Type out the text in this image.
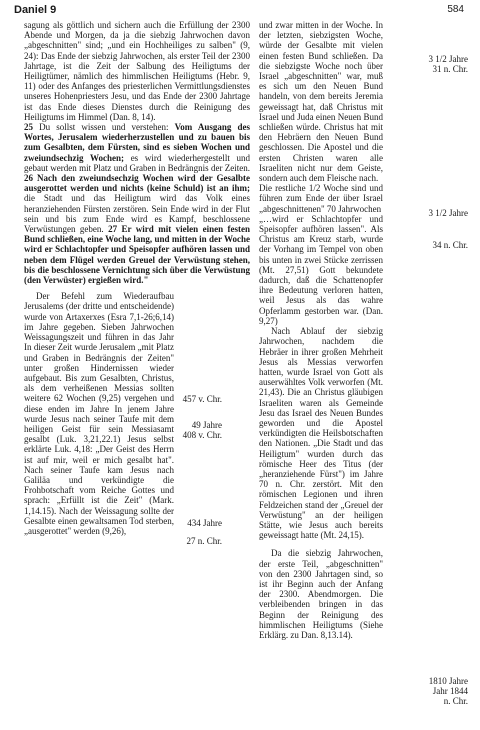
Daniel 9	584

sagung als göttlich und sichern auch die Erfüllung der 2300 Abende und Morgen, da ja die siebzig Jahrwochen davon „abgeschnitten" sind; „und ein Hochheiliges zu salben" (9, 24): Das Ende der siebzig Jahrwochen, als erster Teil der 2300 Jahrtage, ist die Zeit der Salbung des Heiligtums der Heiligtümer, nämlich des himmlischen Heiligtums (Hebr. 9, 11) oder des Anfanges des priesterlichen Vermittlungsdienstes unseres Hohenpriesters Jesu, und das Ende der 2300 Jahrtage ist das Ende dieses Dienstes durch die Reinigung des Heiligtums im Himmel (Dan. 8, 14).

25 Du sollst wissen und verstehen: Vom Ausgang des Wortes, Jerusalem wiederherzustellen und zu bauen bis zum Gesalbten, dem Fürsten, sind es sieben Wochen und zweiundsechzig Wochen; es wird wiederhergestellt und gebaut werden mit Platz und Graben in Bedrängnis der Zeiten. 26 Nach den zweiundsechzig Wochen wird der Gesalbte ausgerottet werden und nichts (keine Schuld) ist an ihm; die Stadt und das Heiligtum wird das Volk eines heranziehenden Fürsten zerstören. Sein Ende wird in der Flut sein und bis zum Ende wird es Kampf, beschlossene Verwüstungen geben. 27 Er wird mit vielen einen festen Bund schließen, eine Woche lang, und mitten in der Woche wird er Schlachtopfer und Speisopfer aufhören lassen und neben dem Flügel werden Greuel der Verwüstung stehen, bis die beschlossene Vernichtung sich über die Verwüstung (den Verwüster) ergießen wird."

Der Befehl zum Wiederaufbau Jerusalems (der dritte und entscheidende) wurde von Artaxerxes (Esra 7,1-26;6,14) im Jahre gegeben. Sieben Jahrwochen Weissagungszeit und führen in das Jahr In dieser Zeit wurde Jerusalem „mit Platz und Graben in Bedrängnis der Zeiten" unter großen Hindernissen wieder aufgebaut. Bis zum Gesalbten, Christus, als dem verheißenen Messias sollten weitere 62 Wochen (9,25) vergehen und diese enden im Jahre In jenem Jahre wurde Jesus nach seiner Taufe mit dem heiligen Geist für sein Messiasamt gesalbt (Luk. 3,21,22.1) Jesus selbst erklärte Luk. 4,18: „Der Geist des Herrn ist auf mir, weil er mich gesalbt hat". Nach seiner Taufe kam Jesus nach Galiläa und verkündigte die Frohbotschaft vom Reiche Gottes und sprach: „Erfüllt ist die Zeit" (Mark. 1,14.15). Nach der Weissagung sollte der Gesalbte einen gewaltsamen Tod sterben, „ausgerottet" werden (9,26),

457 v. Chr.
49 Jahre
408 v. Chr.
434 Jahre
27 n. Chr.

und zwar mitten in der Woche. In der letzten, siebzigsten Woche, würde der Gesalbte mit vielen einen festen Bund schließen. Da die siebzigste Woche noch über Israel „abgeschnitten" war, muß es sich um den Neuen Bund handeln, von dem bereits Jeremia geweissagt hat, daß Christus mit Israel und Juda einen Neuen Bund schließen würde. Christus hat mit den Hebräern den Neuen Bund geschlossen. Die Apostel und die ersten Christen waren alle Israeliten nicht nur dem Geiste, sondern auch dem Fleische nach.

Die restliche 1/2 Woche sind und führen zum Ende der über Israel „abgeschnittenen" 70 Jahrwochen

„…wird er Schlachtopfer und Speisopfer aufhören lassen". Als Christus am Kreuz starb, wurde der Vorhang im Tempel von oben bis unten in zwei Stücke zerrissen (Mt. 27,51) Gott bekundete dadurch, daß die Schattenopfer ihre Bedeutung verloren hatten, weil Jesus als das wahre Opferlamm gestorben war. (Dan. 9,27)

Nach Ablauf der siebzig Jahrwochen, nachdem die Hebräer in ihrer großen Mehrheit Jesus als Messias verworfen hatten, wurde Israel von Gott als auserwähltes Volk verworfen (Mt. 21,43). Die an Christus gläubigen Israeliten waren als Gemeinde Jesu das Israel des Neuen Bundes geworden und die Apostel verkündigten die Heilsbotschaften den Nationen. „Die Stadt und das Heiligtum" wurden durch das römische Heer des Titus (der „heranziehende Fürst") im Jahre 70 n. Chr. zerstört. Mit den römischen Legionen und ihren Feldzeichen stand der „Greuel der Verwüstung" an der heiligen Stätte, wie Jesus auch bereits geweissagt hatte (Mt. 24,15).

Da die siebzig Jahrwochen, der erste Teil, „abgeschnitten" von den 2300 Jahrtagen sind, so ist ihr Beginn auch der Anfang der 2300. Abendmorgen. Die verbleibenden bringen in das Beginn der Reinigung des himmlischen Heiligtums (Siehe Erklärg. zu Dan. 8,13.14).

3 1/2 Jahre
31 n. Chr.
3 1/2 Jahre
34 n. Chr.
1810 Jahre
Jahr 1844
n. Chr.
